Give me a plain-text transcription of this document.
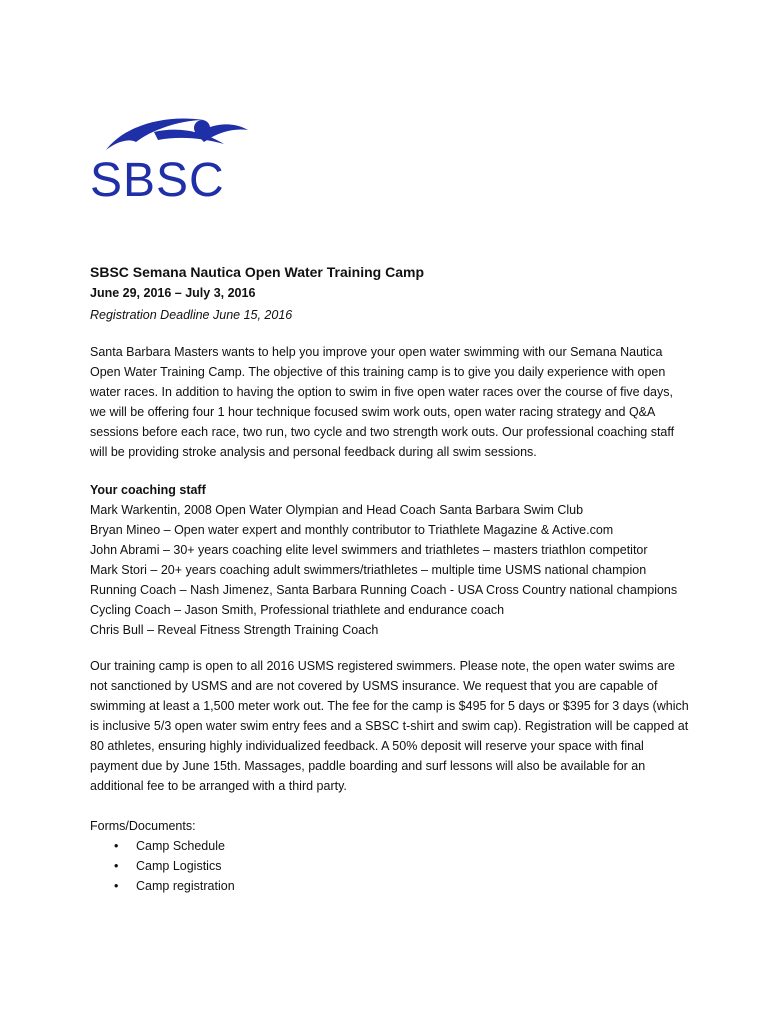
SBSC

SBSC Semana Nautica Open Water Training Camp

June 29, 2016 – July 3, 2016

Registration Deadline June 15, 2016

Santa Barbara Masters wants to help you improve your open water swimming with our Semana Nautica Open Water Training Camp. The objective of this training camp is to give you daily experience with open water races. In addition to having the option to swim in five open water races over the course of five days, we will be offering four 1 hour technique focused swim work outs, open water racing strategy and Q&A sessions before each race, two run, two cycle and two strength work outs. Our professional coaching staff will be providing stroke analysis and personal feedback during all swim sessions.

Your coaching staff

Mark Warkentin, 2008 Open Water Olympian and Head Coach Santa Barbara Swim Club

Bryan Mineo – Open water expert and monthly contributor to Triathlete Magazine & Active.com

John Abrami – 30+ years coaching elite level swimmers and triathletes – masters triathlon competitor

Mark Stori – 20+ years coaching adult swimmers/triathletes – multiple time USMS national champion

Running Coach – Nash Jimenez, Santa Barbara Running Coach - USA Cross Country national champions

Cycling Coach – Jason Smith, Professional triathlete and endurance coach

Chris Bull – Reveal Fitness Strength Training Coach

Our training camp is open to all 2016 USMS registered swimmers. Please note, the open water swims are not sanctioned by USMS and are not covered by USMS insurance. We request that you are capable of swimming at least a 1,500 meter work out. The fee for the camp is $495 for 5 days or $395 for 3 days (which is inclusive 5/3 open water swim entry fees and a SBSC t-shirt and swim cap). Registration will be capped at 80 athletes, ensuring highly individualized feedback. A 50% deposit will reserve your space with final payment due by June 15th. Massages, paddle boarding and surf lessons will also be available for an additional fee to be arranged with a third party.

Forms/Documents:

• Camp Schedule
• Camp Logistics
• Camp registration
